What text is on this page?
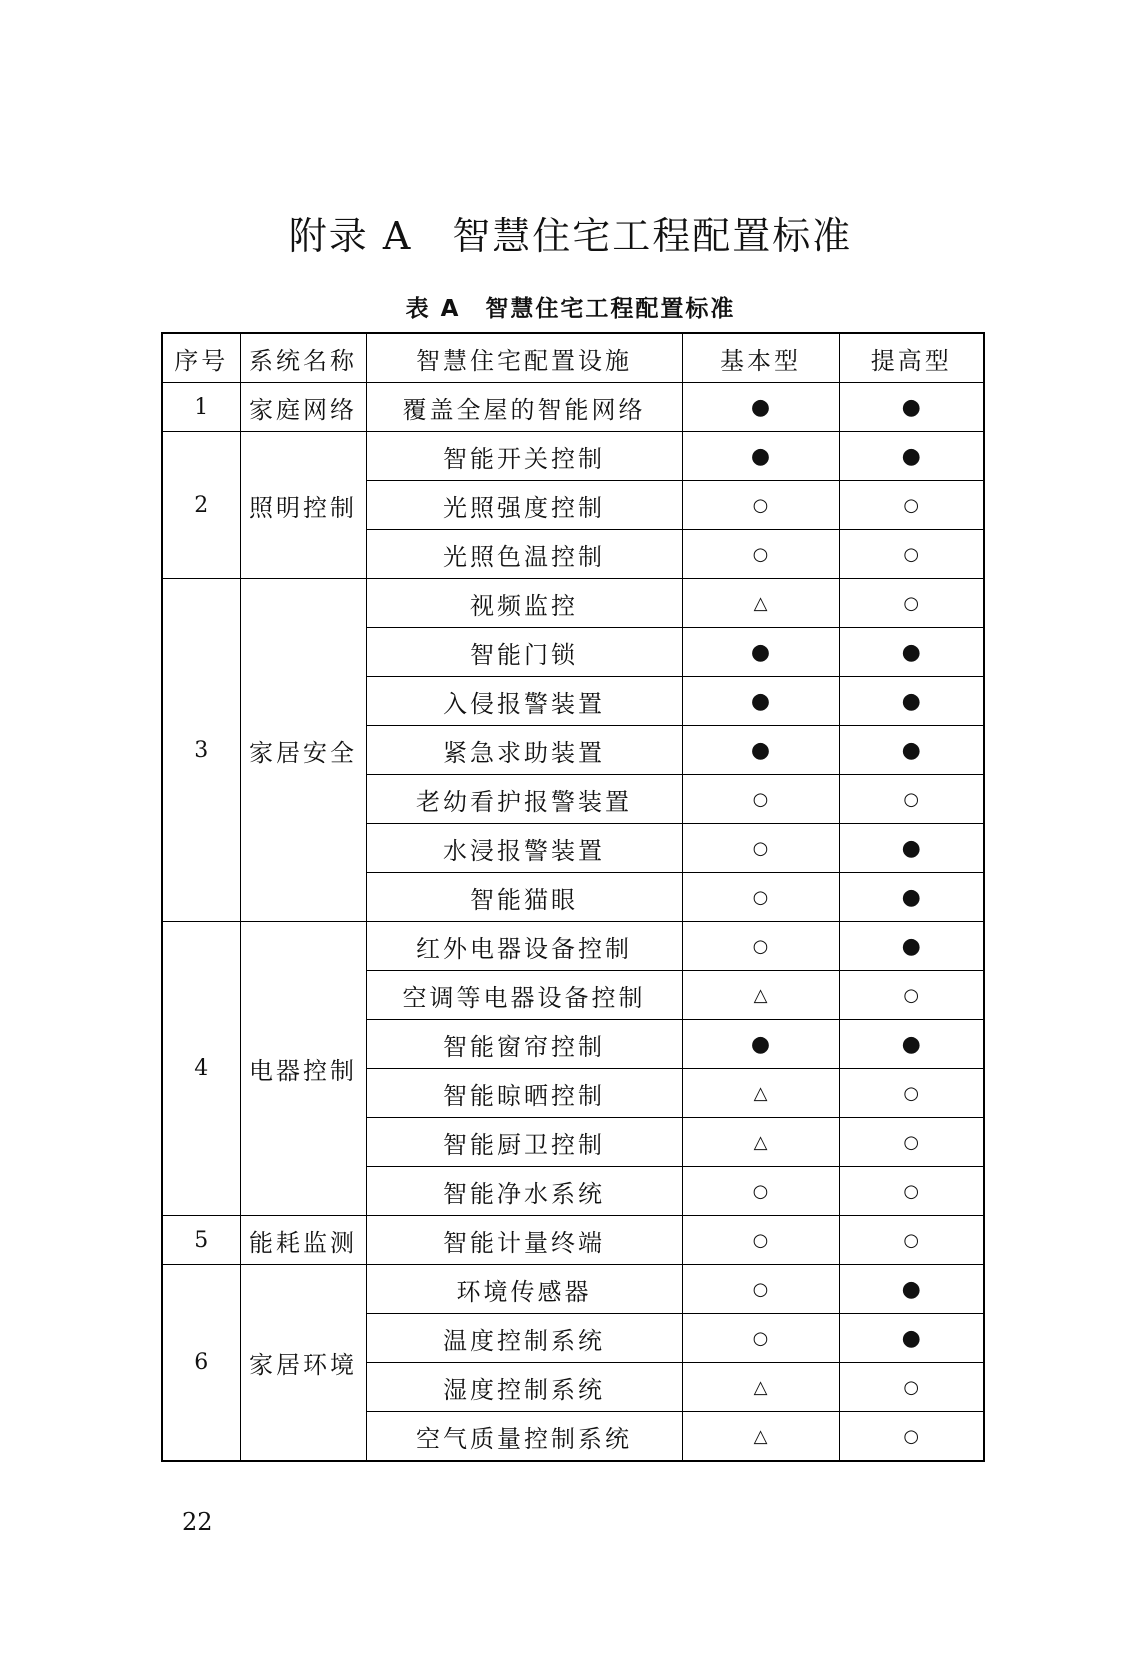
附录 A　智慧住宅工程配置标准
表 A　智慧住宅工程配置标准
序号	系统名称	智慧住宅配置设施	基本型	提高型
1	家庭网络	覆盖全屋的智能网络	●	●
2	照明控制	智能开关控制	●	●
		光照强度控制	○	○
		光照色温控制	○	○
3	家居安全	视频监控	△	○
		智能门锁	●	●
		入侵报警装置	●	●
		紧急求助装置	●	●
		老幼看护报警装置	○	○
		水浸报警装置	○	●
		智能猫眼	○	●
4	电器控制	红外电器设备控制	○	●
		空调等电器设备控制	△	○
		智能窗帘控制	●	●
		智能晾晒控制	△	○
		智能厨卫控制	△	○
		智能净水系统	○	○
5	能耗监测	智能计量终端	○	○
6	家居环境	环境传感器	○	●
		温度控制系统	○	●
		湿度控制系统	△	○
		空气质量控制系统	△	○
22
